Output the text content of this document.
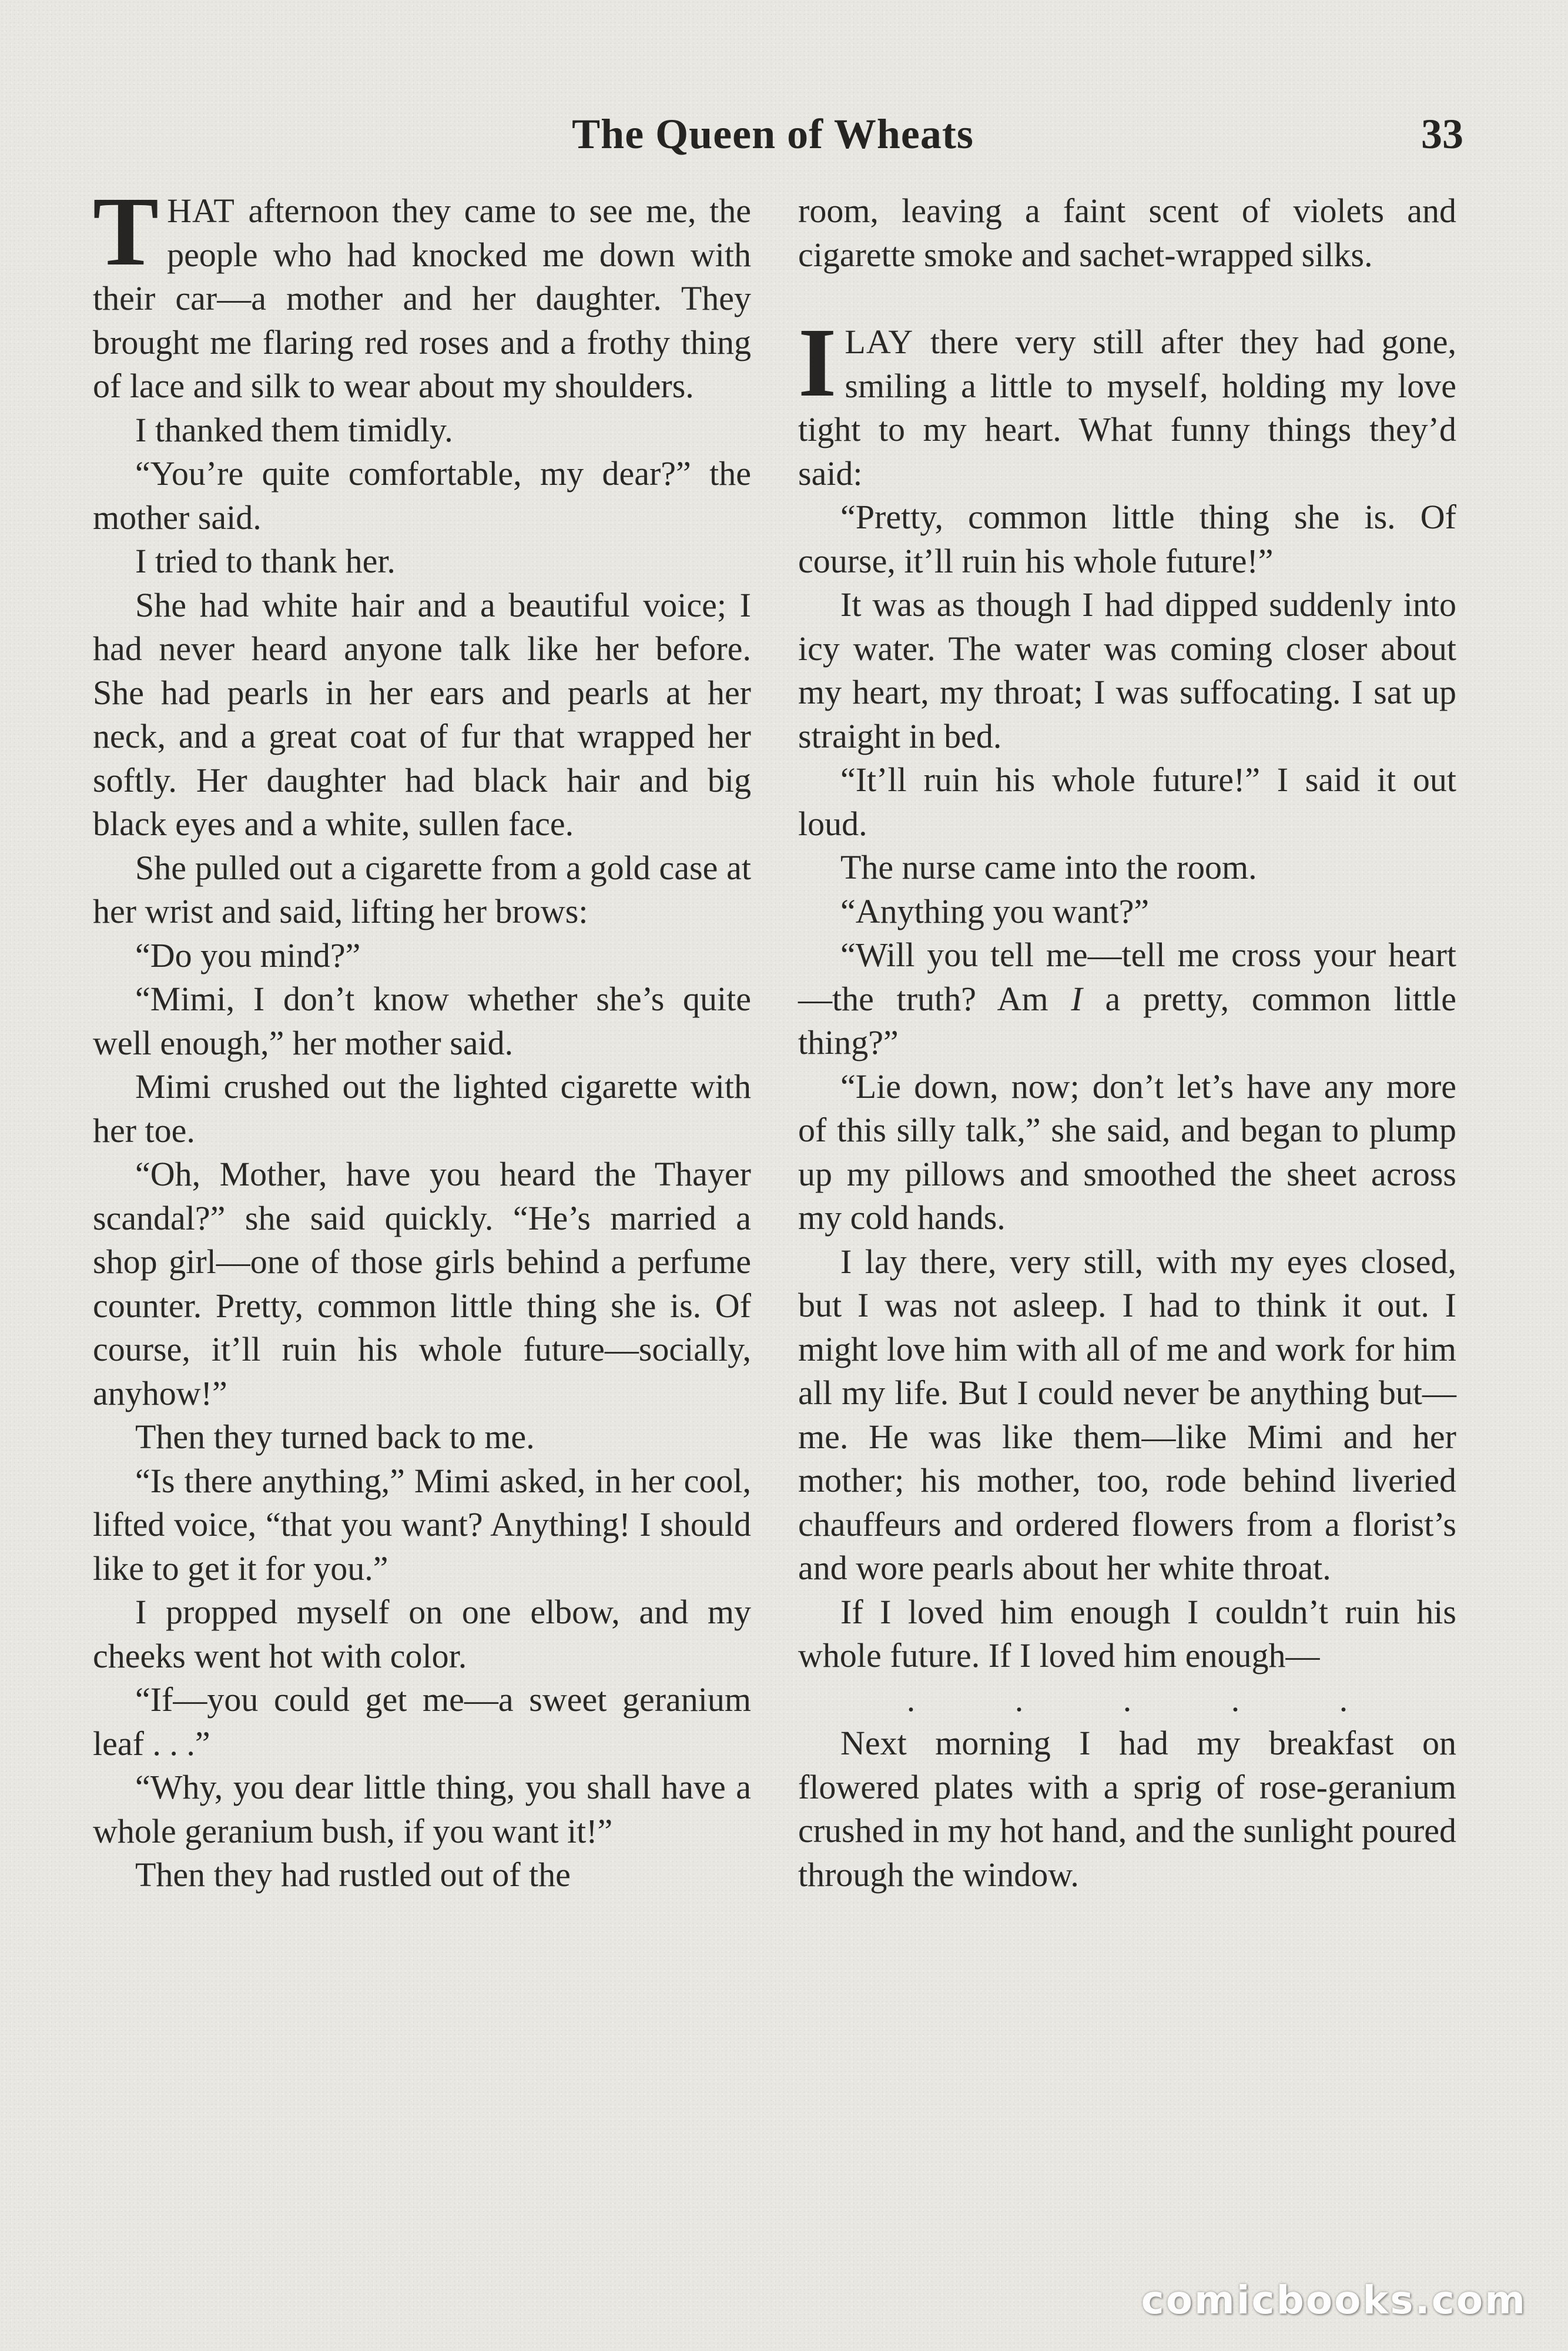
The Queen of Wheats	33

THAT afternoon they came to see me, the people who had knocked me down with their car—a mother and her daughter. They brought me flaring red roses and a frothy thing of lace and silk to wear about my shoulders.

I thanked them timidly.

“You’re quite comfortable, my dear?” the mother said.

I tried to thank her.

She had white hair and a beautiful voice; I had never heard anyone talk like her before. She had pearls in her ears and pearls at her neck, and a great coat of fur that wrapped her softly. Her daughter had black hair and big black eyes and a white, sullen face.

She pulled out a cigarette from a gold case at her wrist and said, lifting her brows:

“Do you mind?”

“Mimi, I don’t know whether she’s quite well enough,” her mother said.

Mimi crushed out the lighted cigarette with her toe.

“Oh, Mother, have you heard the Thayer scandal?” she said quickly. “He’s married a shop girl—one of those girls behind a perfume counter. Pretty, common little thing she is. Of course, it’ll ruin his whole future—socially, anyhow!”

Then they turned back to me.

“Is there anything,” Mimi asked, in her cool, lifted voice, “that you want? Anything! I should like to get it for you.”

I propped myself on one elbow, and my cheeks went hot with color.

“If—you could get me—a sweet geranium leaf . . .”

“Why, you dear little thing, you shall have a whole geranium bush, if you want it!”

Then they had rustled out of the

room, leaving a faint scent of violets and cigarette smoke and sachet-wrapped silks.

ILAY there very still after they had gone, smiling a little to myself, holding my love tight to my heart. What funny things they’d said:

“Pretty, common little thing she is. Of course, it’ll ruin his whole future!”

It was as though I had dipped suddenly into icy water. The water was coming closer about my heart, my throat; I was suffocating. I sat up straight in bed.

“It’ll ruin his whole future!” I said it out loud.

The nurse came into the room.

“Anything you want?”

“Will you tell me—tell me cross your heart—the truth? Am I a pretty, common little thing?”

“Lie down, now; don’t let’s have any more of this silly talk,” she said, and began to plump up my pillows and smoothed the sheet across my cold hands.

I lay there, very still, with my eyes closed, but I was not asleep. I had to think it out. I might love him with all of me and work for him all my life. But I could never be anything but—me. He was like them—like Mimi and her mother; his mother, too, rode behind liveried chauffeurs and ordered flowers from a florist’s and wore pearls about her white throat.

If I loved him enough I couldn’t ruin his whole future. If I loved him enough—

.	.	.	.	.

Next morning I had my breakfast on flowered plates with a sprig of rose-geranium crushed in my hot hand, and the sunlight poured through the window.

comicbooks.com
